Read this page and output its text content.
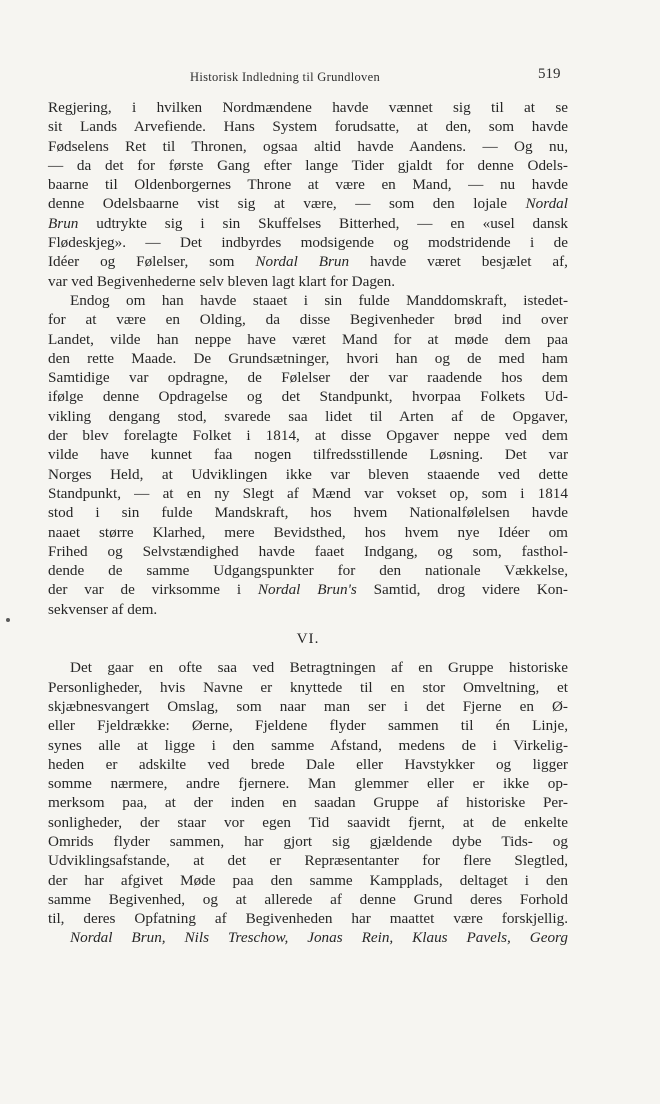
Historisk Indledning til Grundloven	519
Regjering, i hvilken Nordmændene havde vænnet sig til at se
sit Lands Arvefiende. Hans System forudsatte, at den, som havde
Fødselens Ret til Thronen, ogsaa altid havde Aandens. — Og nu,
— da det for første Gang efter lange Tider gjaldt for denne Odels-
baarne til Oldenborgernes Throne at være en Mand, — nu havde
denne Odelsbaarne vist sig at være, — som den lojale Nordal
Brun udtrykte sig i sin Skuffelses Bitterhed, — en «usel dansk
Flødeskjeg». — Det indbyrdes modsigende og modstridende i de
Idéer og Følelser, som Nordal Brun havde været besjælet af,
var ved Begivenhederne selv bleven lagt klart for Dagen.
Endog om han havde staaet i sin fulde Manddomskraft, istedet-
for at være en Olding, da disse Begivenheder brød ind over
Landet, vilde han neppe have været Mand for at møde dem paa
den rette Maade. De Grundsætninger, hvori han og de med ham
Samtidige var opdragne, de Følelser der var raadende hos dem
ifølge denne Opdragelse og det Standpunkt, hvorpaa Folkets Ud-
vikling dengang stod, svarede saa lidet til Arten af de Opgaver,
der blev forelagte Folket i 1814, at disse Opgaver neppe ved dem
vilde have kunnet faa nogen tilfredsstillende Løsning. Det var
Norges Held, at Udviklingen ikke var bleven staaende ved dette
Standpunkt, — at en ny Slegt af Mænd var vokset op, som i 1814
stod i sin fulde Mandskraft, hos hvem Nationalfølelsen havde
naaet større Klarhed, mere Bevidsthed, hos hvem nye Idéer om
Frihed og Selvstændighed havde faaet Indgang, og som, fasthol-
dende de samme Udgangspunkter for den nationale Vækkelse,
der var de virksomme i Nordal Brun's Samtid, drog videre Kon-
sekvenser af dem.
VI.
Det gaar en ofte saa ved Betragtningen af en Gruppe historiske
Personligheder, hvis Navne er knyttede til en stor Omveltning, et
skjæbnesvangert Omslag, som naar man ser i det Fjerne en Ø-
eller Fjeldrække: Øerne, Fjeldene flyder sammen til én Linje,
synes alle at ligge i den samme Afstand, medens de i Virkelig-
heden er adskilte ved brede Dale eller Havstykker og ligger
somme nærmere, andre fjernere. Man glemmer eller er ikke op-
merksom paa, at der inden en saadan Gruppe af historiske Per-
sonligheder, der staar vor egen Tid saavidt fjernt, at de enkelte
Omrids flyder sammen, har gjort sig gjældende dybe Tids- og
Udviklingsafstande, at det er Repræsentanter for flere Slegtled,
der har afgivet Møde paa den samme Kampplads, deltaget i den
samme Begivenhed, og at allerede af denne Grund deres Forhold
til, deres Opfatning af Begivenheden har maattet være forskjellig.
Nordal Brun, Nils Treschow, Jonas Rein, Klaus Pavels, Georg
